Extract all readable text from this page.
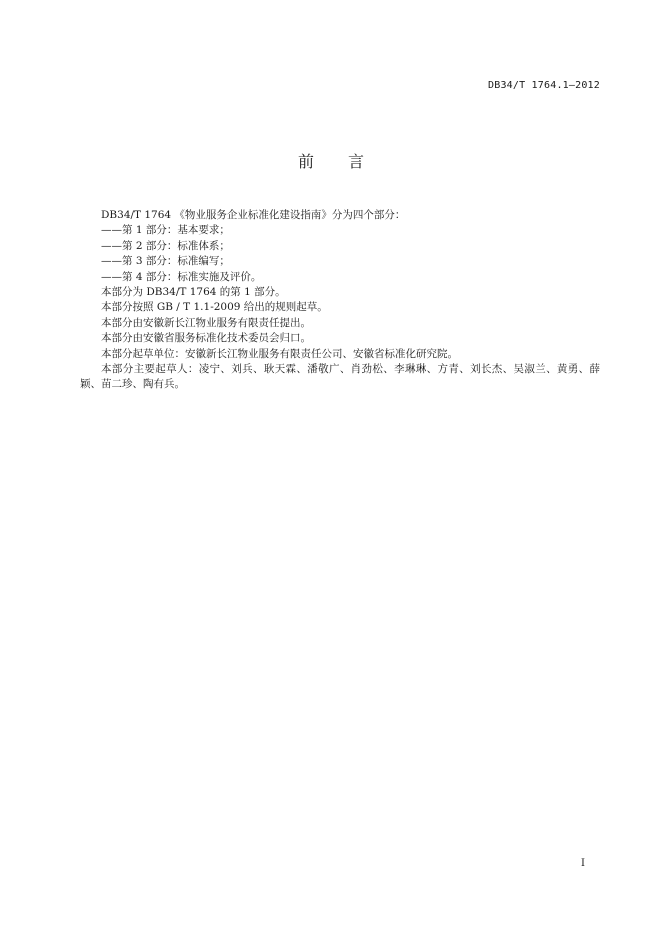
DB34/T 1764.1—2012
前言

DB34/T 1764 《物业服务企业标准化建设指南》分为四个部分：

——第 1 部分：基本要求；

——第 2 部分：标准体系；

——第 3 部分：标准编写；

——第 4 部分：标准实施及评价。

本部分为 DB34/T 1764 的第 1 部分。

本部分按照 GB / T 1.1-2009 给出的规则起草。

本部分由安徽新长江物业服务有限责任提出。

本部分由安徽省服务标准化技术委员会归口。

本部分起草单位：安徽新长江物业服务有限责任公司、安徽省标准化研究院。

本部分主要起草人：凌宁、刘兵、耿天霖、潘敬广、肖劲松、李琳琳、方青、刘长杰、吴淑兰、黄勇、薛颖、苗二珍、陶有兵。

I
